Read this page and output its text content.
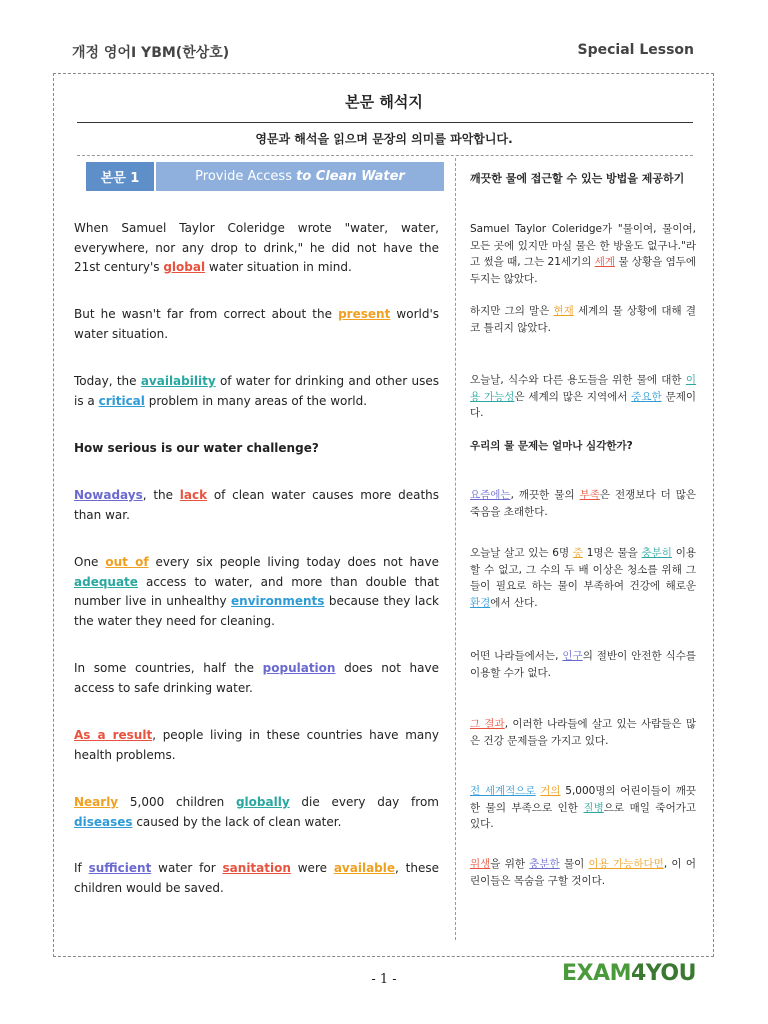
개정 영어I YBM(한상호)	Special Lesson
본문 해석지
영문과 해석을 읽으며 문장의 의미를 파악합니다.
본문 1	Provide Access
to Clean Water	깨끗한 물에 접근할 수 있는 방법을 제공하기
When Samuel Taylor Coleridge wrote "water, water, everywhere, nor any drop to drink," he did not have the 21st century's global water situation in mind.
But he wasn't far from correct about the present world's water situation.
Today, the availability of water for drinking and other uses is a critical problem in many areas of the world.
How serious is our water challenge?
Nowadays, the lack of clean water causes more deaths than war.
One out of every six people living today does not have adequate access to water, and more than double that number live in unhealthy environments because they lack the water they need for cleaning.
In some countries, half the population does not have access to safe drinking water.
As a result, people living in these countries have many health problems.
Nearly 5,000 children globally die every day from diseases caused by the lack of clean water.
If sufficient water for sanitation were available, these children would be saved.
Samuel Taylor Coleridge가 "물이여, 물이여, 모든 곳에 있지만 마실 물은 한 방울도 없구나."라고 썼을 때, 그는 21세기의 세계 물 상황을 염두에 두지는 않았다.
하지만 그의 말은 현재 세계의 물 상황에 대해 결코 틀리지 않았다.
오늘날, 식수와 다른 용도들을 위한 물에 대한 이용 가능성은 세계의 많은 지역에서 중요한 문제이다.
우리의 물 문제는 얼마나 심각한가?
요즘에는, 깨끗한 물의 부족은 전쟁보다 더 많은 죽음을 초래한다.
오늘날 살고 있는 6명 중 1명은 물을 충분히 이용할 수 없고, 그 수의 두 배 이상은 청소를 위해 그들이 필요로 하는 물이 부족하여 건강에 해로운 환경에서 산다.
어떤 나라들에서는, 인구의 절반이 안전한 식수를 이용할 수가 없다.
그 결과, 이러한 나라들에 살고 있는 사람들은 많은 건강 문제들을 가지고 있다.
전 세계적으로 거의 5,000명의 어린이들이 깨끗한 물의 부족으로 인한 질병으로 매일 죽어가고 있다.
위생을 위한 충분한 물이 이용 가능하다면, 이 어린이들은 목숨을 구할 것이다.
- 1 -	EXAM4YOU
